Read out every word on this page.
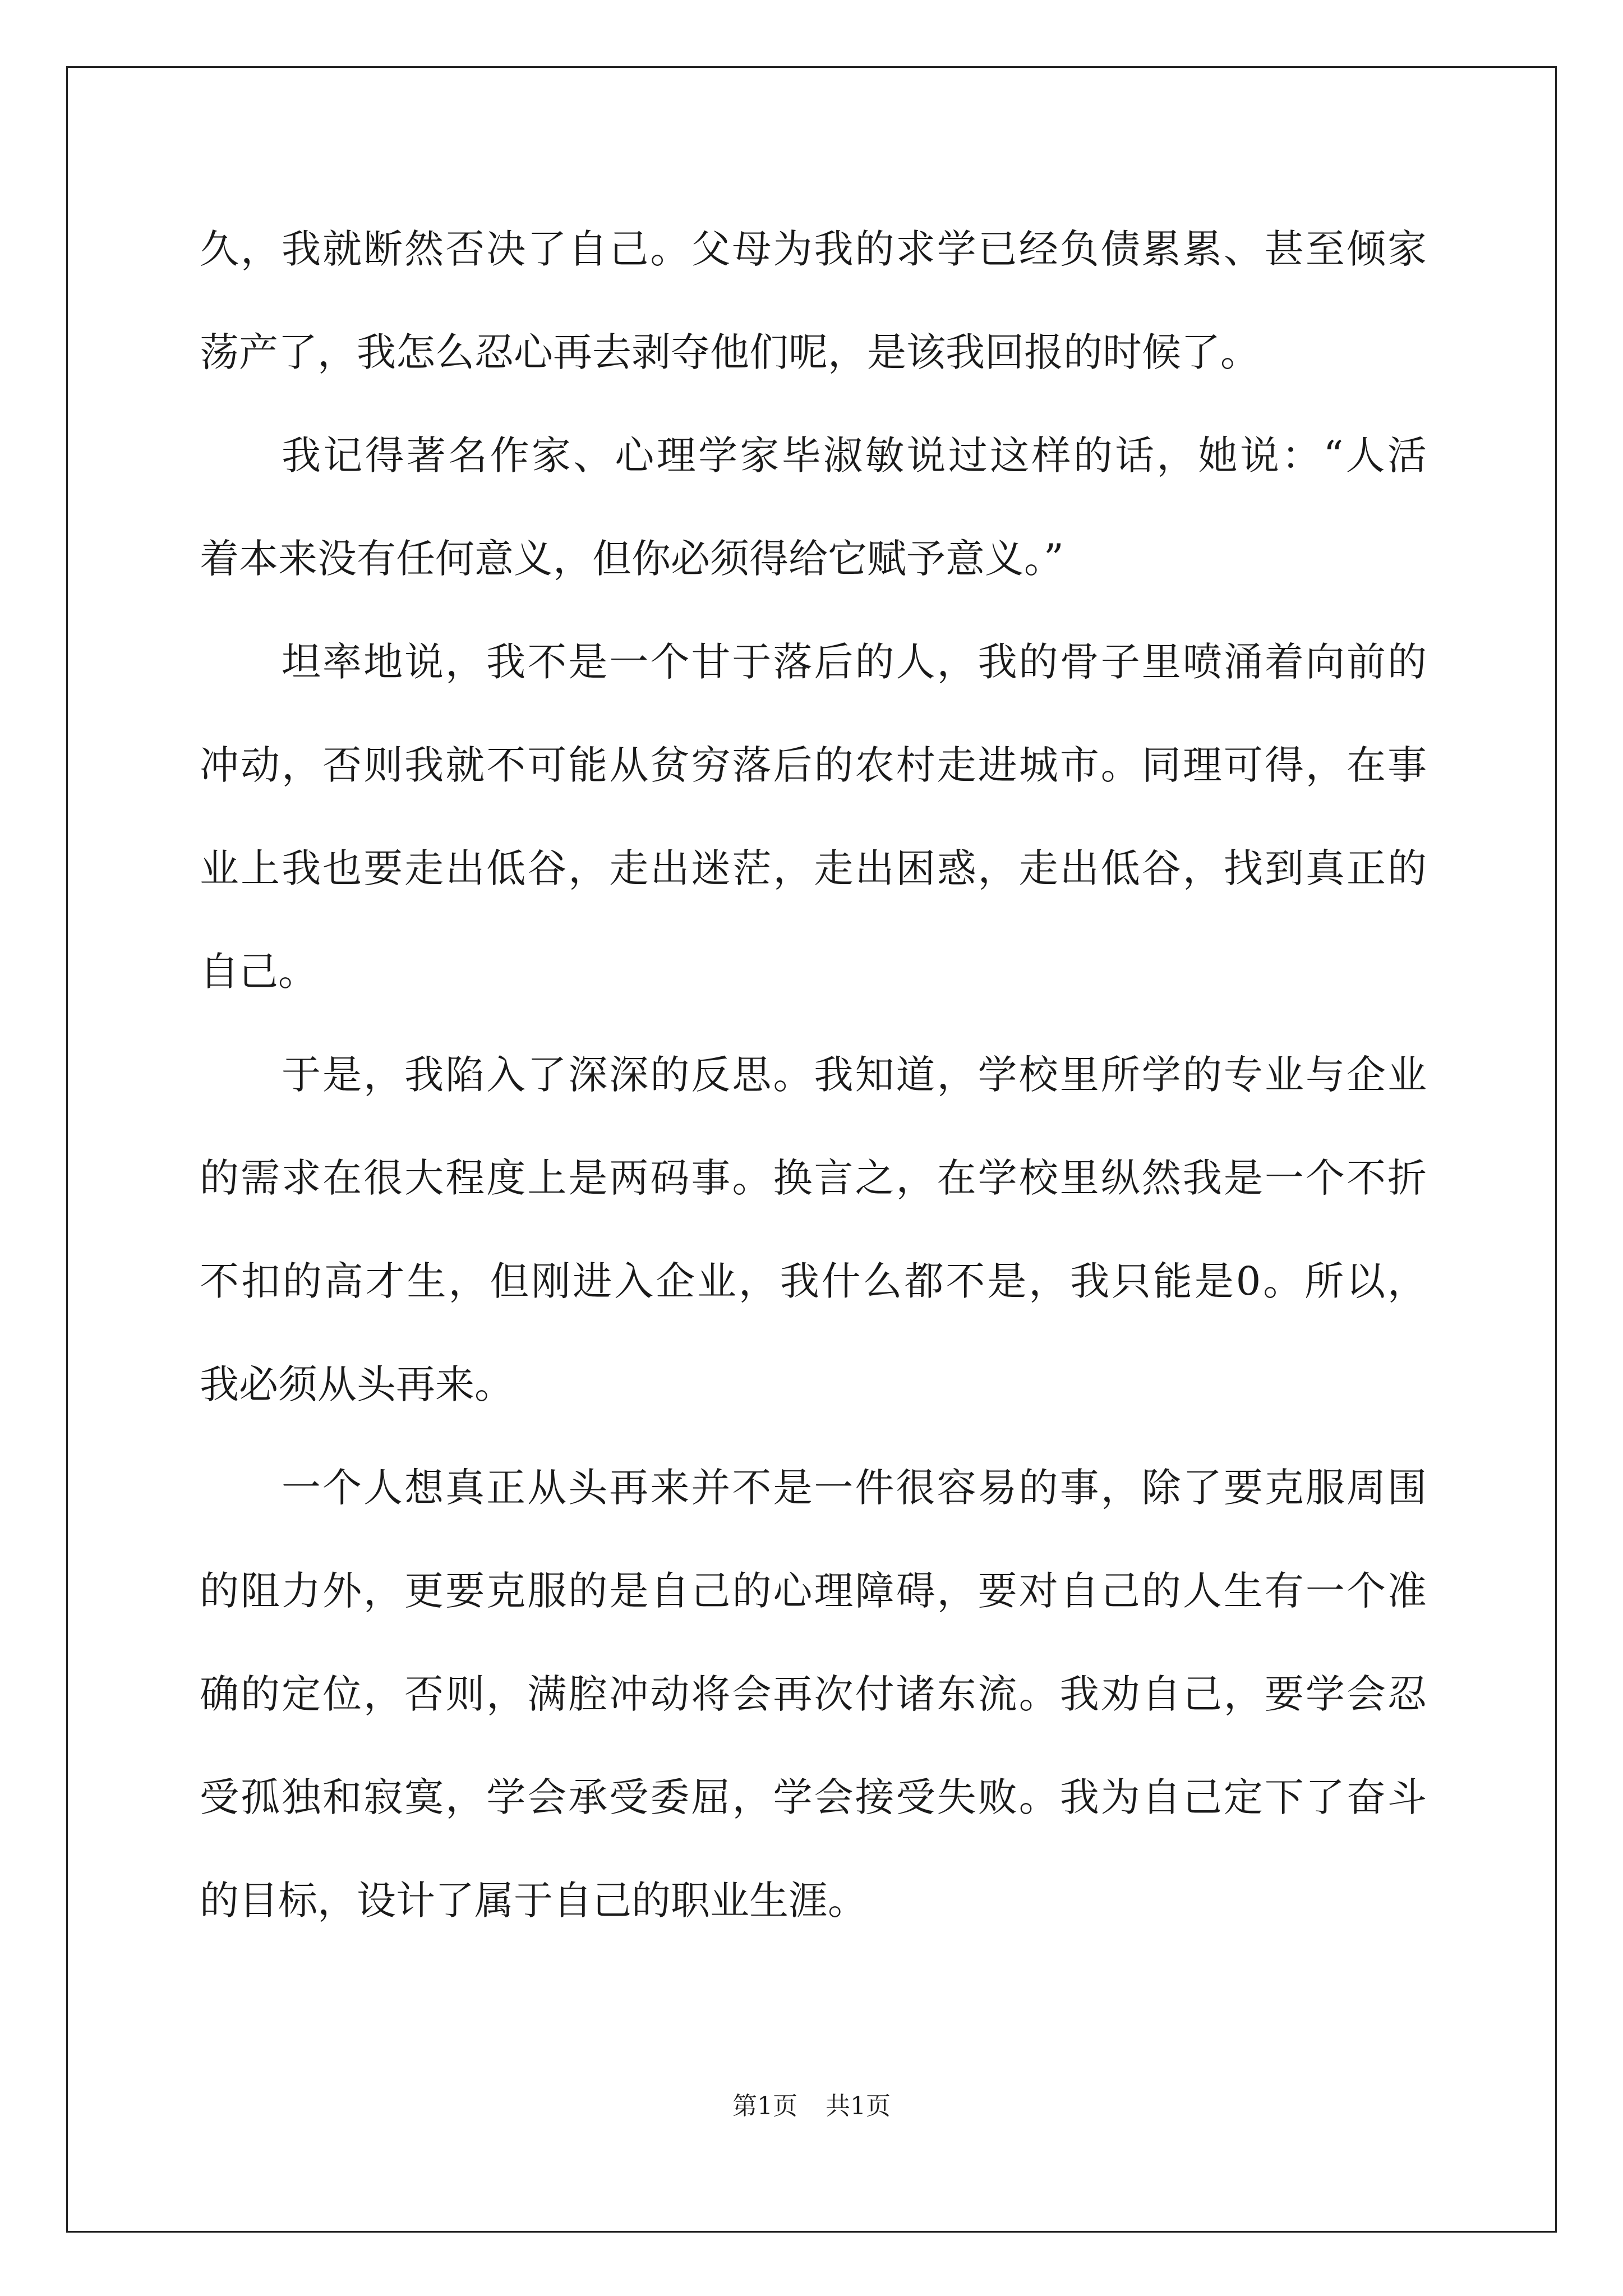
久，我就断然否决了自己。父母为我的求学已经负债累累、甚至倾家
荡产了，我怎么忍心再去剥夺他们呢，是该我回报的时候了。
我记得著名作家、心理学家毕淑敏说过这样的话，她说：“人活
着本来没有任何意义，但你必须得给它赋予意义。”
坦率地说，我不是一个甘于落后的人，我的骨子里喷涌着向前的
冲动，否则我就不可能从贫穷落后的农村走进城市。同理可得，在事
业上我也要走出低谷，走出迷茫，走出困惑，走出低谷，找到真正的
自己。
于是，我陷入了深深的反思。我知道，学校里所学的专业与企业
的需求在很大程度上是两码事。换言之，在学校里纵然我是一个不折
不扣的高才生，但刚进入企业，我什么都不是，我只能是0。所以，
我必须从头再来。
一个人想真正从头再来并不是一件很容易的事，除了要克服周围
的阻力外，更要克服的是自己的心理障碍，要对自己的人生有一个准
确的定位，否则，满腔冲动将会再次付诸东流。我劝自己，要学会忍
受孤独和寂寞，学会承受委屈，学会接受失败。我为自己定下了奋斗
的目标，设计了属于自己的职业生涯。
第1页 共1页
